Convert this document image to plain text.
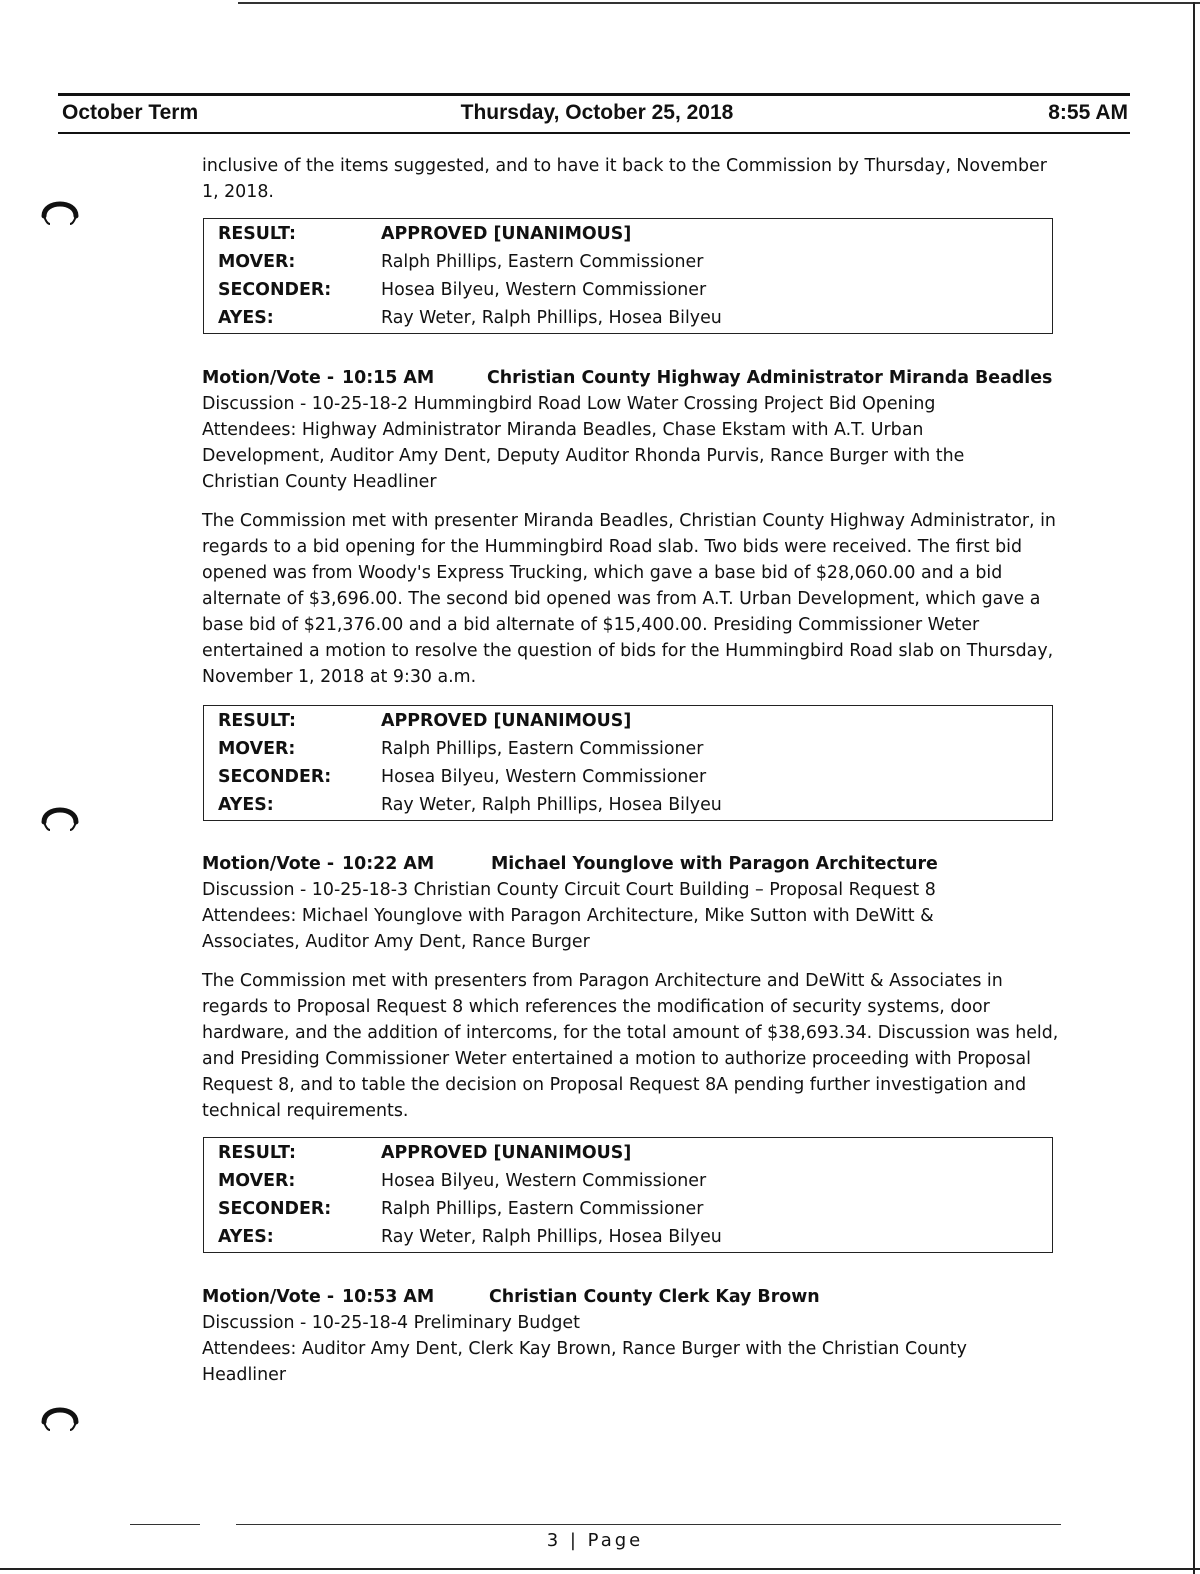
October Term	Thursday, October 25, 2018	8:55 AM

inclusive of the items suggested, and to have it back to the Commission by Thursday, November 1, 2018.

RESULT:	APPROVED [UNANIMOUS]
MOVER:	Ralph Phillips, Eastern Commissioner
SECONDER:	Hosea Bilyeu, Western Commissioner
AYES:	Ray Weter, Ralph Phillips, Hosea Bilyeu
Motion/Vote - 10:15 AM	Christian County Highway Administrator Miranda Beadles

Discussion - 10-25-18-2 Hummingbird Road Low Water Crossing Project Bid Opening

Attendees: Highway Administrator Miranda Beadles, Chase Ekstam with A.T. Urban Development, Auditor Amy Dent, Deputy Auditor Rhonda Purvis, Rance Burger with the Christian County Headliner

The Commission met with presenter Miranda Beadles, Christian County Highway Administrator, in regards to a bid opening for the Hummingbird Road slab. Two bids were received. The first bid opened was from Woody's Express Trucking, which gave a base bid of $28,060.00 and a bid alternate of $3,696.00. The second bid opened was from A.T. Urban Development, which gave a base bid of $21,376.00 and a bid alternate of $15,400.00. Presiding Commissioner Weter entertained a motion to resolve the question of bids for the Hummingbird Road slab on Thursday, November 1, 2018 at 9:30 a.m.

RESULT:	APPROVED [UNANIMOUS]
MOVER:	Ralph Phillips, Eastern Commissioner
SECONDER:	Hosea Bilyeu, Western Commissioner
AYES:	Ray Weter, Ralph Phillips, Hosea Bilyeu
Motion/Vote - 10:22 AM	Michael Younglove with Paragon Architecture

Discussion - 10-25-18-3 Christian County Circuit Court Building – Proposal Request 8

Attendees: Michael Younglove with Paragon Architecture, Mike Sutton with DeWitt & Associates, Auditor Amy Dent, Rance Burger

The Commission met with presenters from Paragon Architecture and DeWitt & Associates in regards to Proposal Request 8 which references the modification of security systems, door hardware, and the addition of intercoms, for the total amount of $38,693.34. Discussion was held, and Presiding Commissioner Weter entertained a motion to authorize proceeding with Proposal Request 8, and to table the decision on Proposal Request 8A pending further investigation and technical requirements.

RESULT:	APPROVED [UNANIMOUS]
MOVER:	Hosea Bilyeu, Western Commissioner
SECONDER:	Ralph Phillips, Eastern Commissioner
AYES:	Ray Weter, Ralph Phillips, Hosea Bilyeu
Motion/Vote - 10:53 AM	Christian County Clerk Kay Brown

Discussion - 10-25-18-4 Preliminary Budget

Attendees: Auditor Amy Dent, Clerk Kay Brown, Rance Burger with the Christian County Headliner

3 | Page
